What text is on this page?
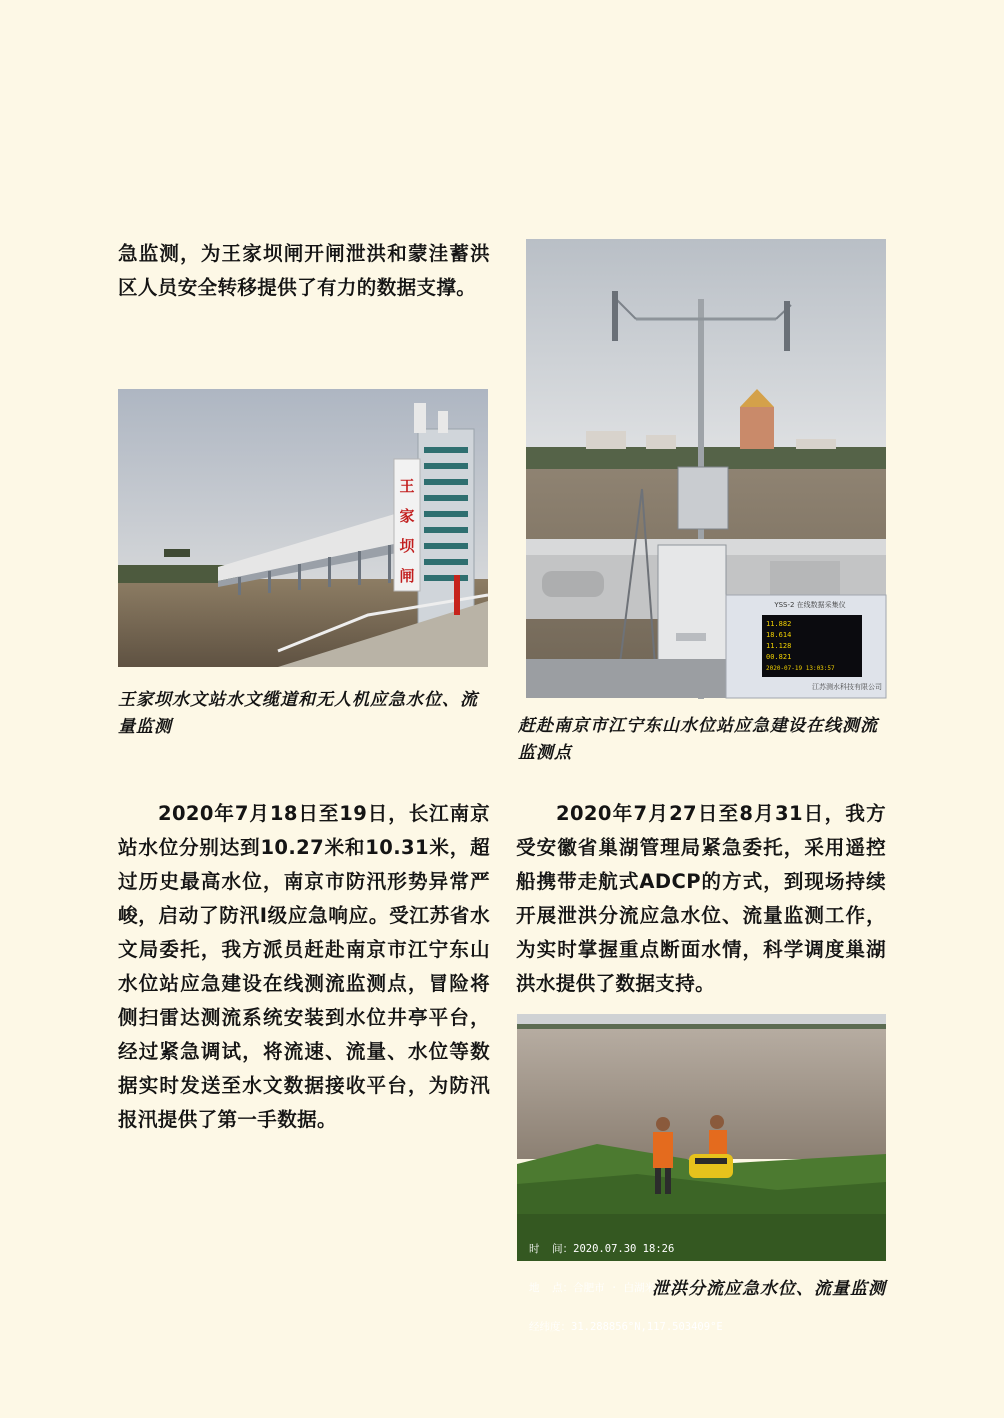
急监测，为王家坝闸开闸泄洪和蒙洼蓄洪区人员安全转移提供了有力的数据支撑。

王
家
坝
闸

王家坝水文站水文缆道和无人机应急水位、流量监测

2020年7月18日至19日，长江南京站水位分别达到10.27米和10.31米，超过历史最高水位，南京市防汛形势异常严峻，启动了防汛Ⅰ级应急响应。受江苏省水文局委托，我方派员赶赴南京市江宁东山水位站应急建设在线测流监测点，冒险将侧扫雷达测流系统安装到水位井亭平台，经过紧急调试，将流速、流量、水位等数据实时发送至水文数据接收平台，为防汛报汛提供了第一手数据。

YSS-2 在线数据采集仪
11.882
18.614
11.128
00.821
2020-07-19 13:03:57
江苏测水科技有限公司

赶赴南京市江宁东山水位站应急建设在线测流监测点

2020年7月27日至8月31日，我方受安徽省巢湖管理局紧急委托，采用遥控船携带走航式ADCP的方式，到现场持续开展泄洪分流应急水位、流量监测工作，为实时掌握重点断面水情，科学调度巢湖洪水提供了数据支持。

时  间：2020.07.30 18:26

地  点：合肥市 · 白湖米业烘干房

经纬度：31.288856°N,117.503409°E

泄洪分流应急水位、流量监测
